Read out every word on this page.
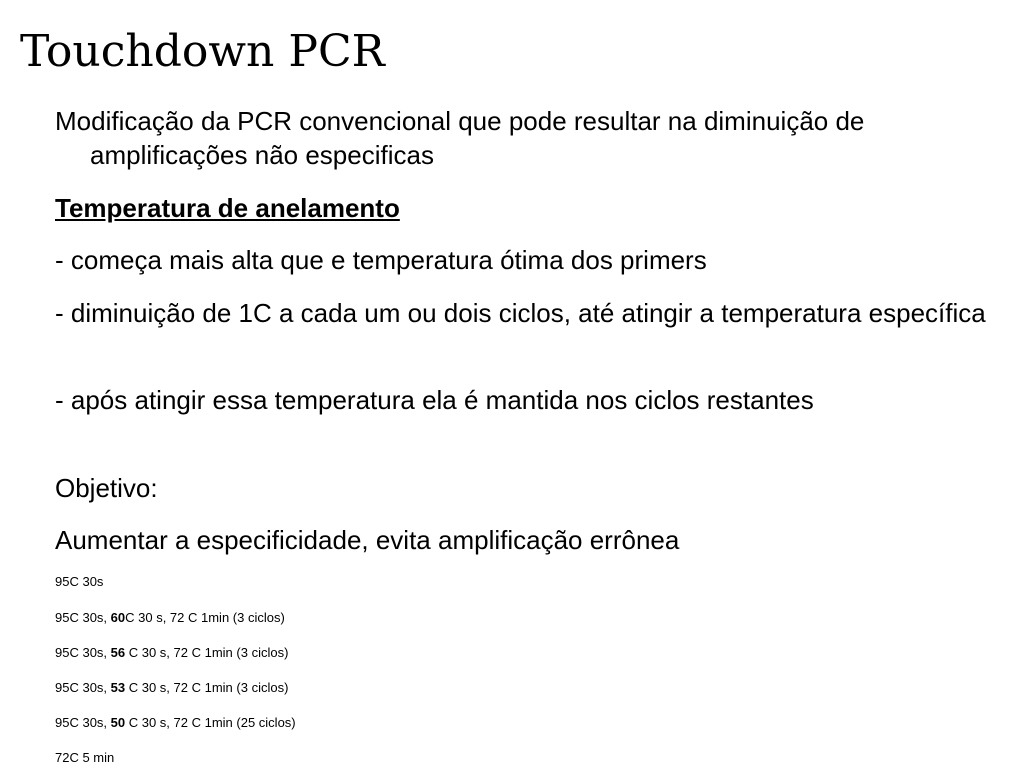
Touchdown PCR
Modificação da PCR convencional que pode resultar na diminuição de amplificações não especificas
Temperatura de anelamento
- começa mais alta que e temperatura ótima dos primers
- diminuição de 1C a cada um ou dois ciclos, até atingir a temperatura específica
- após atingir essa temperatura ela é mantida nos ciclos restantes
Objetivo:
Aumentar a especificidade, evita amplificação errônea
95C 30s
95C 30s, 60C 30 s, 72 C 1min (3 ciclos)
95C 30s, 56 C 30 s, 72 C 1min (3 ciclos)
95C 30s, 53 C 30 s, 72 C 1min (3 ciclos)
95C 30s, 50 C 30 s, 72 C 1min (25 ciclos)
72C 5 min
